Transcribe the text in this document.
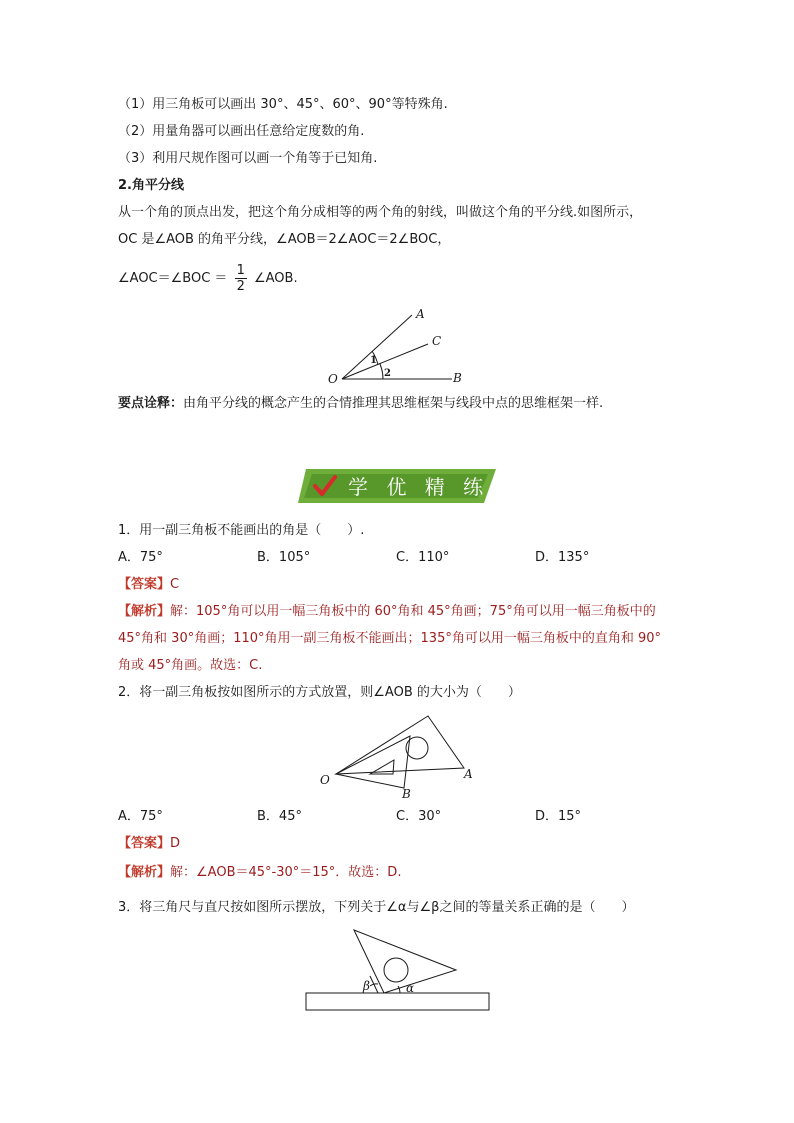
（1）用三角板可以画出 30°、45°、60°、90°等特殊角.
（2）用量角器可以画出任意给定度数的角.
（3）利用尺规作图可以画一个角等于已知角.
2.角平分线
从一个角的顶点出发，把这个角分成相等的两个角的射线，叫做这个角的平分线.如图所示，
OC 是∠AOB 的角平分线，∠AOB＝2∠AOC＝2∠BOC，
∠AOC＝∠BOC ＝ $\frac{1}{2}$ ∠AOB.
A
C
B
O
1
2
要点诠释：由角平分线的概念产生的合情推理其思维框架与线段中点的思维框架一样.
学 优 精 练
1．用一副三角板不能画出的角是（　　）.
A．75°	B．105°	C．110°	D．135°
【答案】C
【解析】解：105°角可以用一幅三角板中的 60°角和 45°角画；75°角可以用一幅三角板中的
45°角和 30°角画；110°角用一副三角板不能画出；135°角可以用一幅三角板中的直角和 90°
角或 45°角画。故选：C.
2．将一副三角板按如图所示的方式放置，则∠AOB 的大小为（　　）
O	A
B
A．75°	B．45°	C．30°	D．15°
【答案】D
【解析】解：∠AOB＝45°-30°＝15°．故选：D.
3．将三角尺与直尺按如图所示摆放，下列关于∠α与∠β之间的等量关系正确的是（　　）
β	α
